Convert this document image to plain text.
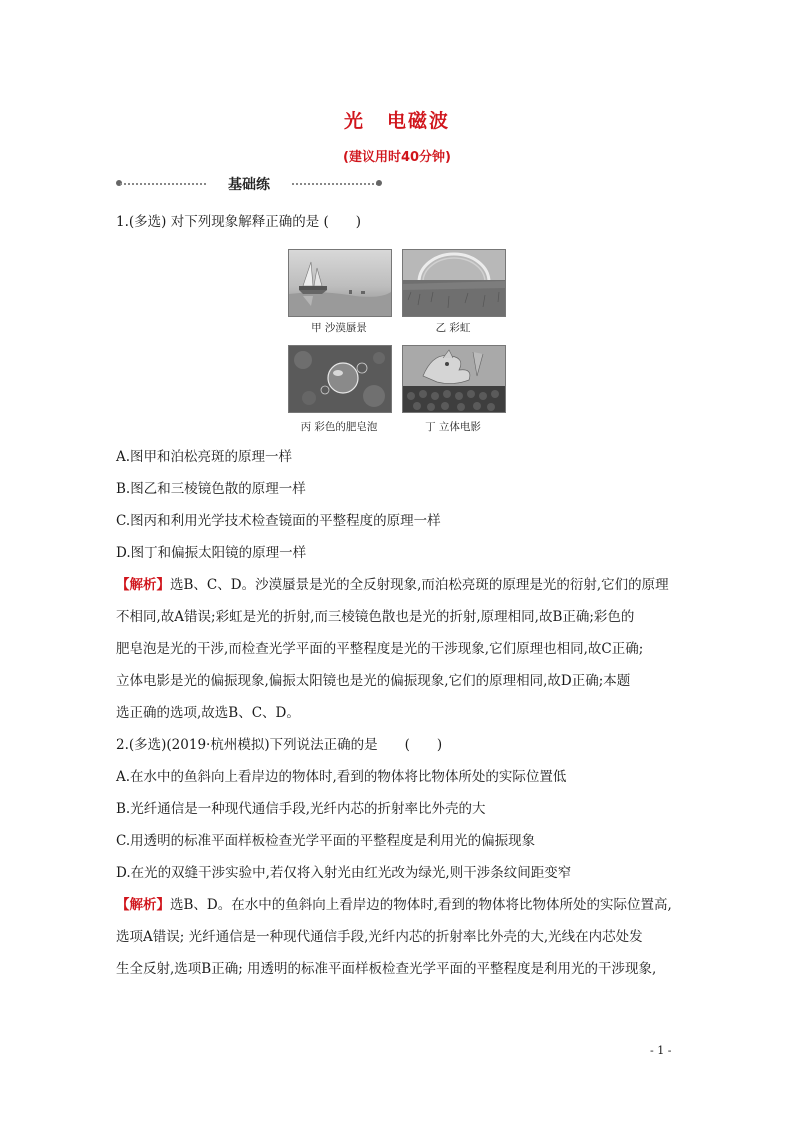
光 电磁波
(建议用时40分钟)
基础练
1.(多选) 对下列现象解释正确的是 (　　)
甲 沙漠蜃景	乙 彩虹
丙 彩色的肥皂泡	丁 立体电影
A.图甲和泊松亮斑的原理一样
B.图乙和三棱镜色散的原理一样
C.图丙和利用光学技术检查镜面的平整程度的原理一样
D.图丁和偏振太阳镜的原理一样
【解析】选B、C、D。沙漠蜃景是光的全反射现象,而泊松亮斑的原理是光的衍射,它们的原理
不相同,故A错误;彩虹是光的折射,而三棱镜色散也是光的折射,原理相同,故B正确;彩色的
肥皂泡是光的干涉,而检查光学平面的平整程度是光的干涉现象,它们原理也相同,故C正确;
立体电影是光的偏振现象,偏振太阳镜也是光的偏振现象,它们的原理相同,故D正确;本题
选正确的选项,故选B、C、D。
2.(多选)(2019·杭州模拟)下列说法正确的是　　(　　)
A.在水中的鱼斜向上看岸边的物体时,看到的物体将比物体所处的实际位置低
B.光纤通信是一种现代通信手段,光纤内芯的折射率比外壳的大
C.用透明的标准平面样板检查光学平面的平整程度是利用光的偏振现象
D.在光的双缝干涉实验中,若仅将入射光由红光改为绿光,则干涉条纹间距变窄
【解析】选B、D。在水中的鱼斜向上看岸边的物体时,看到的物体将比物体所处的实际位置高,
选项A错误; 光纤通信是一种现代通信手段,光纤内芯的折射率比外壳的大,光线在内芯处发
生全反射,选项B正确; 用透明的标准平面样板检查光学平面的平整程度是利用光的干涉现象,
- 1 -
